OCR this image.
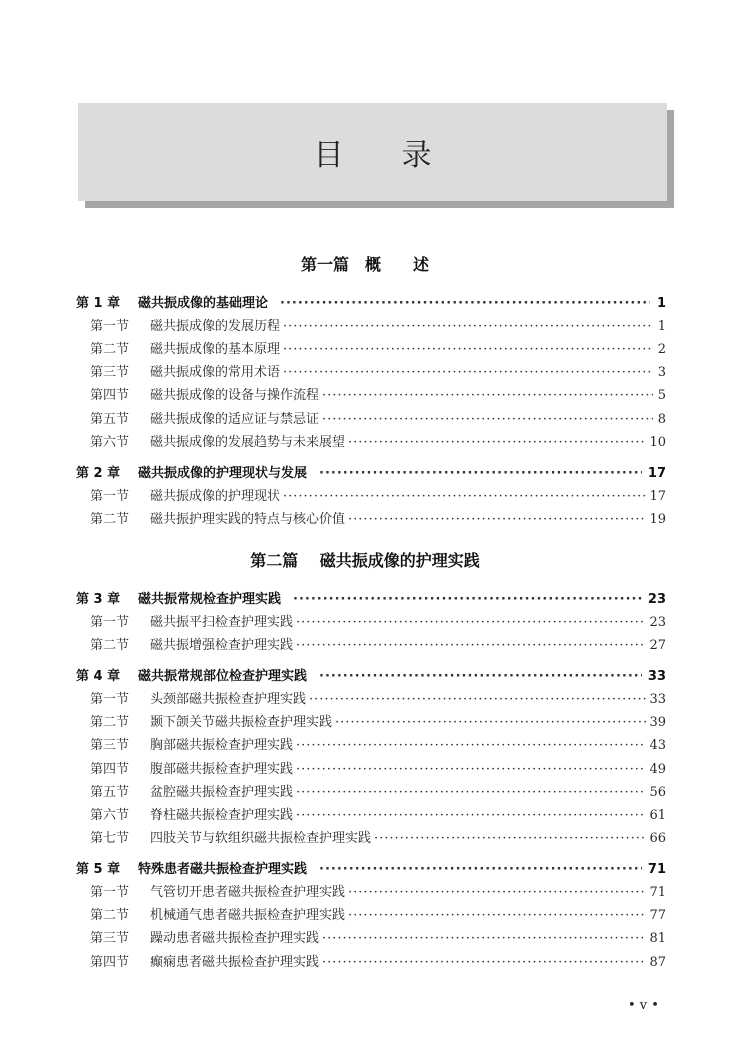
目录
第一篇　概　　述
第二篇　 磁共振成像的护理实践
第 1 章	磁共振成像的基础理论 ·····	1
第一节	磁共振成像的发展历程 ·····	1
第二节	磁共振成像的基本原理 ·····	2
第三节	磁共振成像的常用术语 ·····	3
第四节	磁共振成像的设备与操作流程 ·····	5
第五节	磁共振成像的适应证与禁忌证 ·····	8
第六节	磁共振成像的发展趋势与未来展望 ·····	10
第 2 章	磁共振成像的护理现状与发展 ·····	17
第一节	磁共振成像的护理现状 ·····	17
第二节	磁共振护理实践的特点与核心价值 ·····	19
第 3 章	磁共振常规检查护理实践 ·····	23
第一节	磁共振平扫检查护理实践 ·····	23
第二节	磁共振增强检查护理实践 ·····	27
第 4 章	磁共振常规部位检查护理实践 ·····	33
第一节	头颈部磁共振检查护理实践 ·····	33
第二节	颞下颌关节磁共振检查护理实践 ·····	39
第三节	胸部磁共振检查护理实践 ·····	43
第四节	腹部磁共振检查护理实践 ·····	49
第五节	盆腔磁共振检查护理实践 ·····	56
第六节	脊柱磁共振检查护理实践 ·····	61
第七节	四肢关节与软组织磁共振检查护理实践 ·····	66
第 5 章	特殊患者磁共振检查护理实践 ·····	71
第一节	气管切开患者磁共振检查护理实践 ·····	71
第二节	机械通气患者磁共振检查护理实践 ·····	77
第三节	躁动患者磁共振检查护理实践 ·····	81
第四节	癫痫患者磁共振检查护理实践 ·····	87
• v •
